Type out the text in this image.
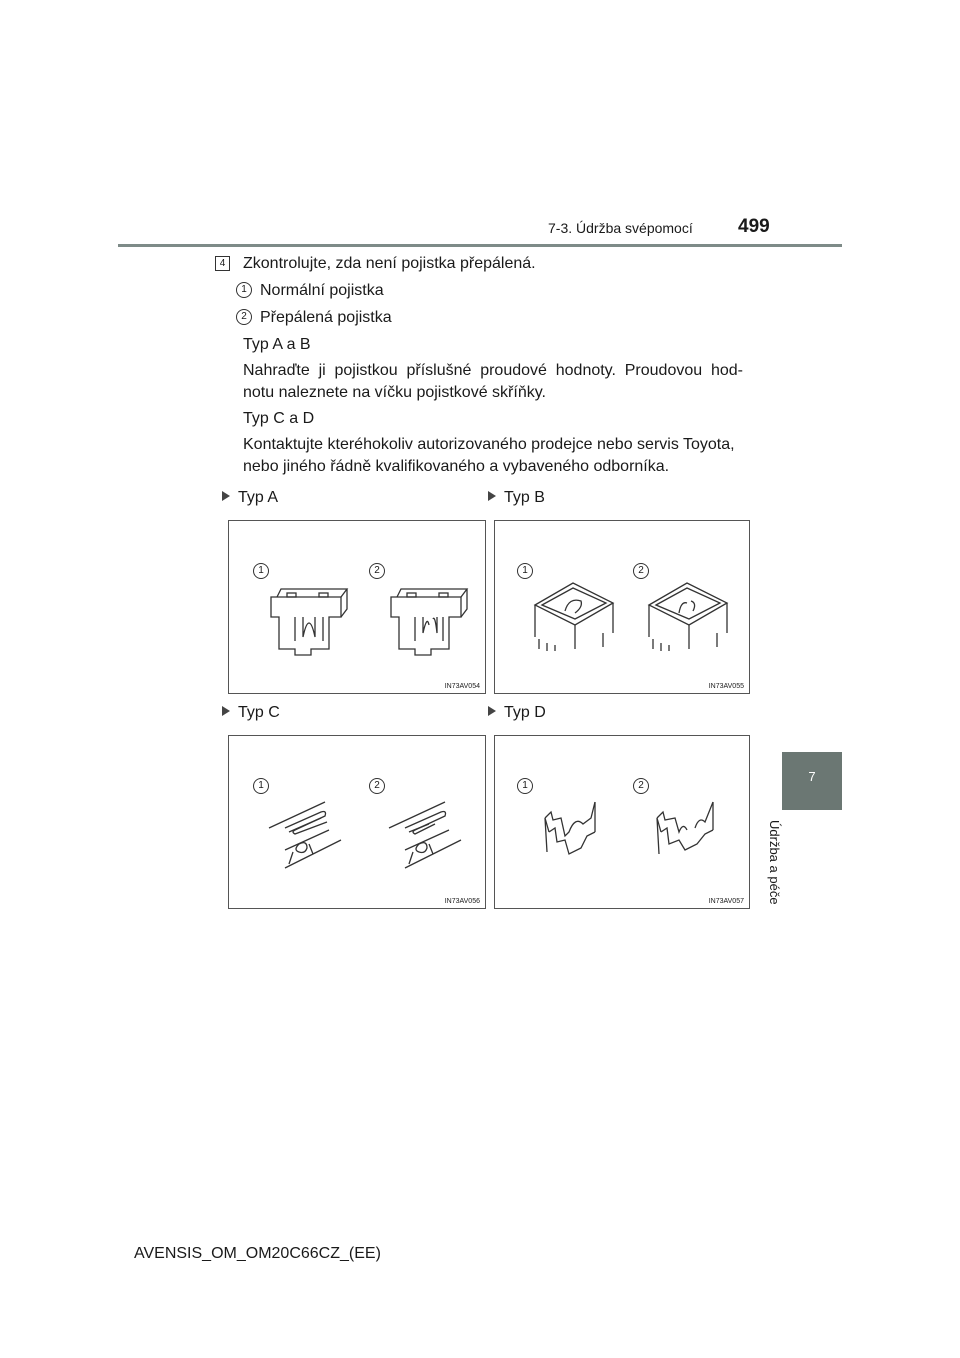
7-3. Údržba svépomocí 499
7
Údržba a péče
4 Zkontrolujte, zda není pojistka přepálená.
1 Normální pojistka
2 Přepálená pojistka
Typ A a B
Nahraďte ji pojistkou příslušné proudové hodnoty. Proudovou hod-
notu naleznete na víčku pojistkové skříňky.
Typ C a D
Kontaktujte kteréhokoliv autorizovaného prodejce nebo servis Toyota,
nebo jiného řádně kvalifikovaného a vybaveného odborníka.
Typ A	Typ B
Typ C	Typ D
1	2
IN73AV054
1	2
IN73AV055
1	2
IN73AV056
1	2
IN73AV057
AVENSIS_OM_OM20C66CZ_(EE)
